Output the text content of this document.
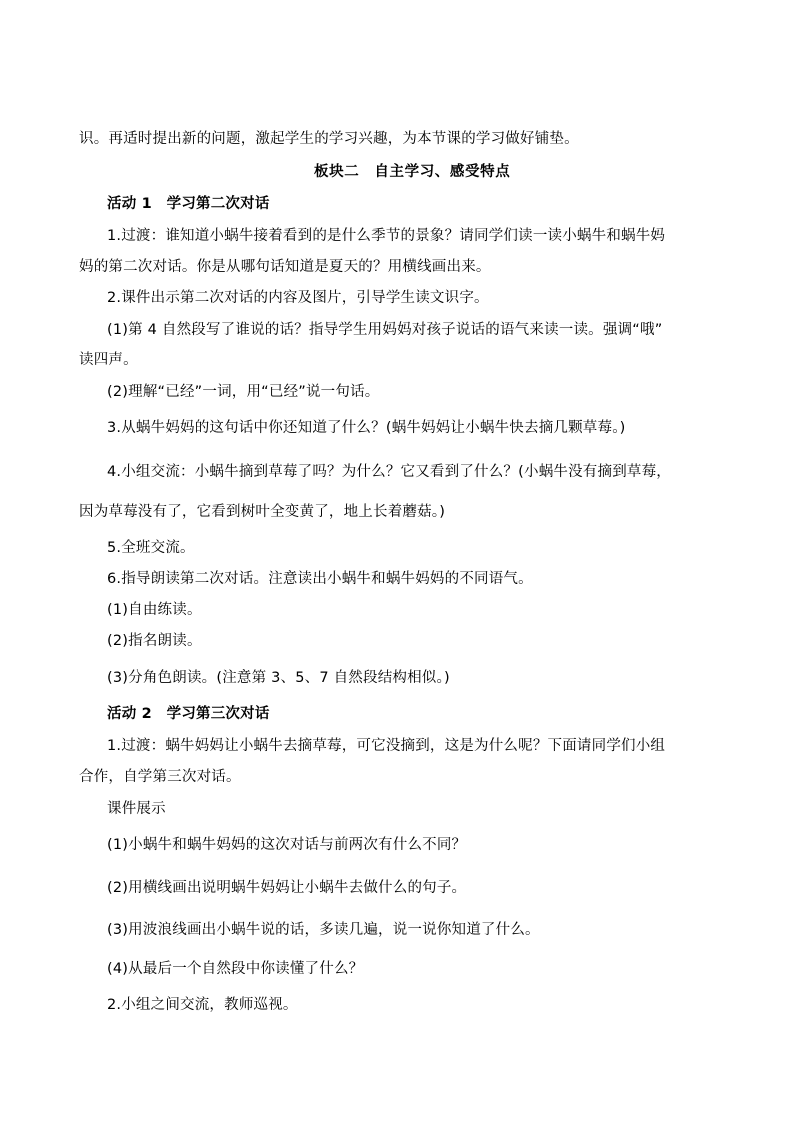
识。再适时提出新的问题，激起学生的学习兴趣，为本节课的学习做好铺垫。
板块二　自主学习、感受特点
活动 1　学习第二次对话
1.过渡：谁知道小蜗牛接着看到的是什么季节的景象？请同学们读一读小蜗牛和蜗牛妈
妈的第二次对话。你是从哪句话知道是夏天的？用横线画出来。
2.课件出示第二次对话的内容及图片，引导学生读文识字。
(1)第 4 自然段写了谁说的话？指导学生用妈妈对孩子说话的语气来读一读。强调“哦”
读四声。
(2)理解“已经”一词，用“已经”说一句话。
3.从蜗牛妈妈的这句话中你还知道了什么？(蜗牛妈妈让小蜗牛快去摘几颗草莓。)
4.小组交流：小蜗牛摘到草莓了吗？为什么？它又看到了什么？(小蜗牛没有摘到草莓，
因为草莓没有了，它看到树叶全变黄了，地上长着蘑菇。)
5.全班交流。
6.指导朗读第二次对话。注意读出小蜗牛和蜗牛妈妈的不同语气。
(1)自由练读。
(2)指名朗读。
(3)分角色朗读。(注意第 3、5、7 自然段结构相似。)
活动 2　学习第三次对话
1.过渡：蜗牛妈妈让小蜗牛去摘草莓，可它没摘到，这是为什么呢？下面请同学们小组
合作，自学第三次对话。
课件展示
(1)小蜗牛和蜗牛妈妈的这次对话与前两次有什么不同？
(2)用横线画出说明蜗牛妈妈让小蜗牛去做什么的句子。
(3)用波浪线画出小蜗牛说的话，多读几遍，说一说你知道了什么。
(4)从最后一个自然段中你读懂了什么？
2.小组之间交流，教师巡视。
